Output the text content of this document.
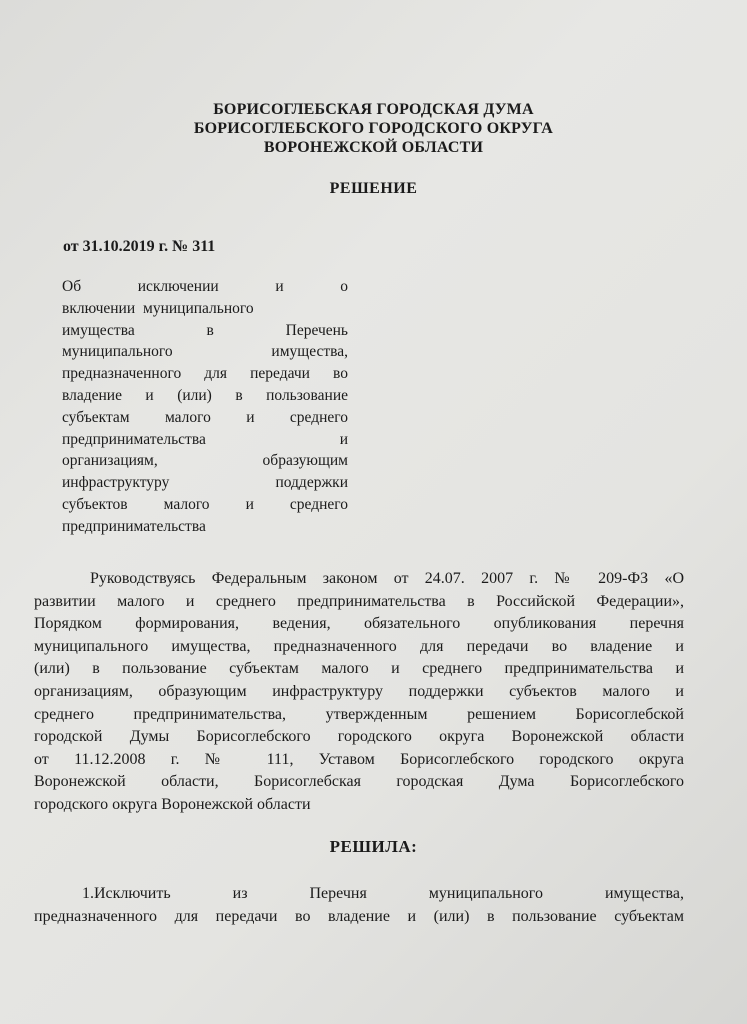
БОРИСОГЛЕБСКАЯ ГОРОДСКАЯ ДУМА
БОРИСОГЛЕБСКОГО ГОРОДСКОГО ОКРУГА
ВОРОНЕЖСКОЙ ОБЛАСТИ
РЕШЕНИЕ
от 31.10.2019 г. № 311
Об исключении и о
включении муниципального
имущества в Перечень
муниципального имущества,
предназначенного для передачи во
владение и (или) в пользование
субъектам малого и среднего
предпринимательства и
организациям, образующим
инфраструктуру поддержки
субъектов малого и среднего
предпринимательства
Руководствуясь Федеральным законом от 24.07. 2007 г. № 209-ФЗ «О
развитии малого и среднего предпринимательства в Российской Федерации»,
Порядком формирования, ведения, обязательного опубликования перечня
муниципального имущества, предназначенного для передачи во владение и
(или) в пользование субъектам малого и среднего предпринимательства и
организациям, образующим инфраструктуру поддержки субъектов малого и
среднего предпринимательства, утвержденным решением Борисоглебской
городской Думы Борисоглебского городского округа Воронежской области
от 11.12.2008 г. № 111, Уставом Борисоглебского городского округа
Воронежской области, Борисоглебская городская Дума Борисоглебского
городского округа Воронежской области
РЕШИЛА:
1.Исключить из Перечня муниципального имущества,
предназначенного для передачи во владение и (или) в пользование субъектам
